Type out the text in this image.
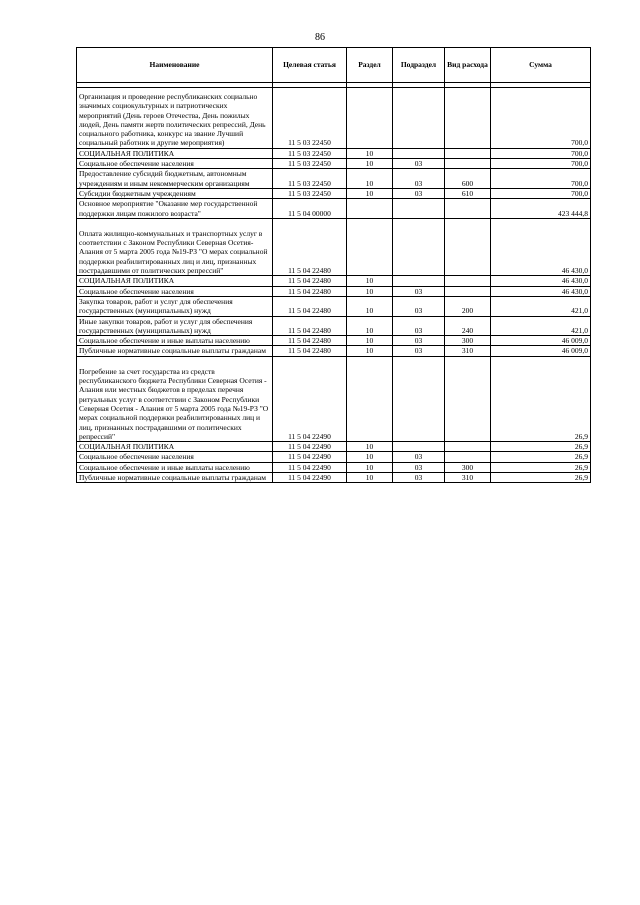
86
Наименование	Целевая статья	Раздел	Подраздел	Вид расхода	Сумма

Организация и проведение республиканских социально значимых социокультурных и патриотических мероприятий (День героев Отечества, День пожилых людей, День памяти жертв политических репрессий, День социального работника, конкурс на звание Лучший социальный работник и другие мероприятия)	11 5 03 22450				700,0
СОЦИАЛЬНАЯ ПОЛИТИКА	11 5 03 22450	10			700,0
Социальное обеспечение населения	11 5 03 22450	10	03		700,0
Предоставление субсидий бюджетным, автономным учреждениям и иным некоммерческим организациям	11 5 03 22450	10	03	600	700,0
Субсидии бюджетным учреждениям	11 5 03 22450	10	03	610	700,0
Основное мероприятие "Оказание мер государственной поддержки лицам пожилого возраста"	11 5 04 00000				423 444,8
Оплата жилищно-коммунальных и транспортных услуг в соответствии с Законом Республики Северная Осетия-Алания от 5 марта 2005 года №19-РЗ "О мерах социальной поддержки реабилитированных лиц и лиц, признанных пострадавшими от политических репрессий"	11 5 04 22480				46 430,0
СОЦИАЛЬНАЯ ПОЛИТИКА	11 5 04 22480	10			46 430,0
Социальное обеспечение населения	11 5 04 22480	10	03		46 430,0
Закупка товаров, работ и услуг для обеспечения государственных (муниципальных) нужд	11 5 04 22480	10	03	200	421,0
Иные закупки товаров, работ и услуг для обеспечения государственных (муниципальных) нужд	11 5 04 22480	10	03	240	421,0
Социальное обеспечение и иные выплаты населению	11 5 04 22480	10	03	300	46 009,0
Публичные нормативные социальные выплаты гражданам	11 5 04 22480	10	03	310	46 009,0
Погребение за счет государства из средств республиканского бюджета Республики Северная Осетия - Алания или местных бюджетов в пределах перечня ритуальных услуг в соответствии с Законом Республики Северная Осетия - Алания от 5 марта 2005 года №19-РЗ "О мерах социальной поддержки реабилитированных лиц и лиц, признанных пострадавшими от политических репрессий"	11 5 04 22490				26,9
СОЦИАЛЬНАЯ ПОЛИТИКА	11 5 04 22490	10			26,9
Социальное обеспечение населения	11 5 04 22490	10	03		26,9
Социальное обеспечение и иные выплаты населению	11 5 04 22490	10	03	300	26,9
Публичные нормативные социальные выплаты гражданам	11 5 04 22490	10	03	310	26,9
